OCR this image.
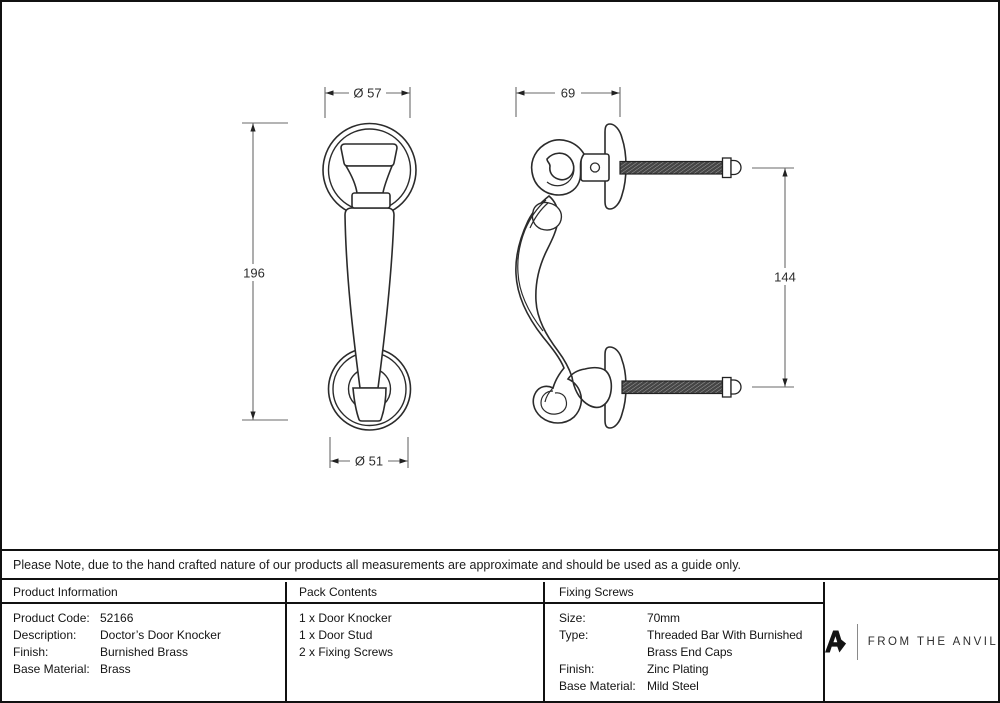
Ø 57
196
Ø 51
69
144
Please Note, due to the hand crafted nature of our products all measurements are approximate and should be used as a guide only.
Product Information
Product Code: 52166
Description:	Doctor’s Door Knocker
Finish:	Burnished Brass
Base Material: Brass
Pack Contents
1 x Door Knocker
1 x Door Stud
2 x Fixing Screws
Fixing Screws
Size:	70mm
Type:	Threaded Bar With Burnished Brass End Caps
Finish:	Zinc Plating
Base Material: Mild Steel
FROM THE ANVIL
